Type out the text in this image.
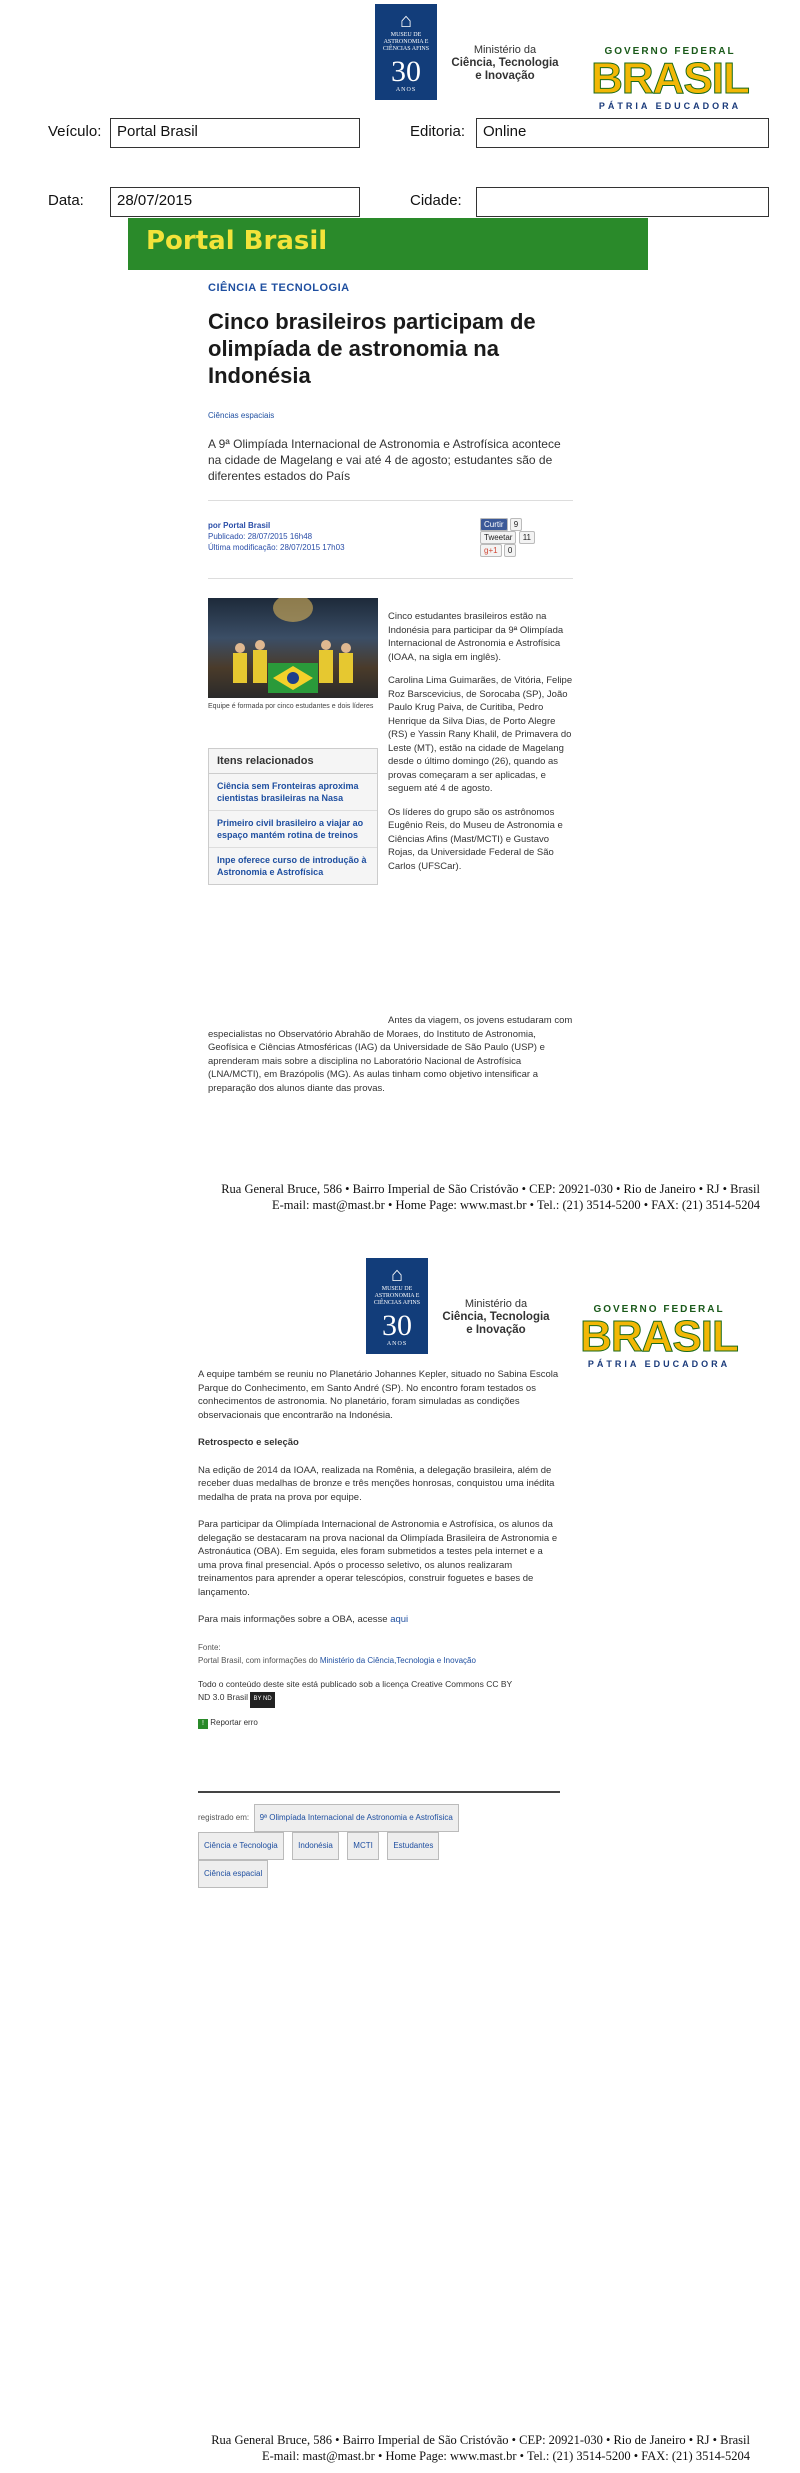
⌂
MUSEU DE ASTRONOMIA E CIÊNCIAS AFINS
30
ANOS
Ministério da
Ciência, Tecnologia
e Inovação
GOVERNO FEDERAL
BRASIL
PÁTRIA EDUCADORA
Veículo:	Portal Brasil	Editoria:	Online
Data:	28/07/2015	Cidade:
Portal Brasil
CIÊNCIA E TECNOLOGIA
Cinco brasileiros participam de olimpíada de astronomia na Indonésia
Ciências espaciais
A 9ª Olimpíada Internacional de Astronomia e Astrofísica acontece na cidade de Magelang e vai até 4 de agosto; estudantes são de diferentes estados do País
por Portal Brasil
Publicado: 28/07/2015 16h48
Última modificação: 28/07/2015 17h03
Curtir 9
Tweetar 11
g+1 0
Equipe é formada por cinco estudantes e dois líderes
Itens relacionados
Ciência sem Fronteiras aproxima cientistas brasileiras na Nasa
Primeiro civil brasileiro a viajar ao espaço mantém rotina de treinos
Inpe oferece curso de introdução à Astronomia e Astrofísica

Cinco estudantes brasileiros estão na Indonésia para participar da 9ª Olimpíada Internacional de Astronomia e Astrofísica (IOAA, na sigla em inglês).

Carolina Lima Guimarães, de Vitória, Felipe Roz Barscevicius, de Sorocaba (SP), João Paulo Krug Paiva, de Curitiba, Pedro Henrique da Silva Dias, de Porto Alegre (RS) e Yassin Rany Khalil, de Primavera do Leste (MT), estão na cidade de Magelang desde o último domingo (26), quando as provas começaram a ser aplicadas, e seguem até 4 de agosto.

Os líderes do grupo são os astrônomos Eugênio Reis, do Museu de Astronomia e Ciências Afins (Mast/MCTI) e Gustavo Rojas, da Universidade Federal de São Carlos (UFSCar).

Antes da viagem, os jovens estudaram com especialistas no Observatório Abrahão de Moraes, do Instituto de Astronomia, Geofísica e Ciências Atmosféricas (IAG) da Universidade de São Paulo (USP) e aprenderam mais sobre a disciplina no Laboratório Nacional de Astrofísica (LNA/MCTI), em Brazópolis (MG). As aulas tinham como objetivo intensificar a preparação dos alunos diante das provas.
Rua General Bruce, 586 • Bairro Imperial de São Cristóvão • CEP: 20921-030 • Rio de Janeiro • RJ • Brasil
E-mail: mast@mast.br • Home Page: www.mast.br • Tel.: (21) 3514-5200 • FAX: (21) 3514-5204
⌂
MUSEU DE ASTRONOMIA E CIÊNCIAS AFINS
30
ANOS
Ministério da
Ciência, Tecnologia
e Inovação
GOVERNO FEDERAL
BRASIL
PÁTRIA EDUCADORA

A equipe também se reuniu no Planetário Johannes Kepler, situado no Sabina Escola Parque do Conhecimento, em Santo André (SP). No encontro foram testados os conhecimentos de astronomia. No planetário, foram simuladas as condições observacionais que encontrarão na Indonésia.

Retrospecto e seleção

Na edição de 2014 da IOAA, realizada na Romênia, a delegação brasileira, além de receber duas medalhas de bronze e três menções honrosas, conquistou uma inédita medalha de prata na prova por equipe.

Para participar da Olimpíada Internacional de Astronomia e Astrofísica, os alunos da delegação se destacaram na prova nacional da Olimpíada Brasileira de Astronomia e Astronáutica (OBA). Em seguida, eles foram submetidos a testes pela internet e a uma prova final presencial. Após o processo seletivo, os alunos realizaram treinamentos para aprender a operar telescópios, construir foguetes e bases de lançamento.

Para mais informações sobre a OBA, acesse aqui

Fonte:

Portal Brasil, com informações do Ministério da Ciência,Tecnologia e Inovação

Todo o conteúdo deste site está publicado sob a licença Creative Commons CC BY ND 3.0 Brasil BY ND

! Reportar erro

registrado em: 9ª Olimpíada Internacional de Astronomia e Astrofísica
Ciência e Tecnologia	Indonésia	MCTI	Estudantes
Ciência espacial
Rua General Bruce, 586 • Bairro Imperial de São Cristóvão • CEP: 20921-030 • Rio de Janeiro • RJ • Brasil
E-mail: mast@mast.br • Home Page: www.mast.br • Tel.: (21) 3514-5200 • FAX: (21) 3514-5204
